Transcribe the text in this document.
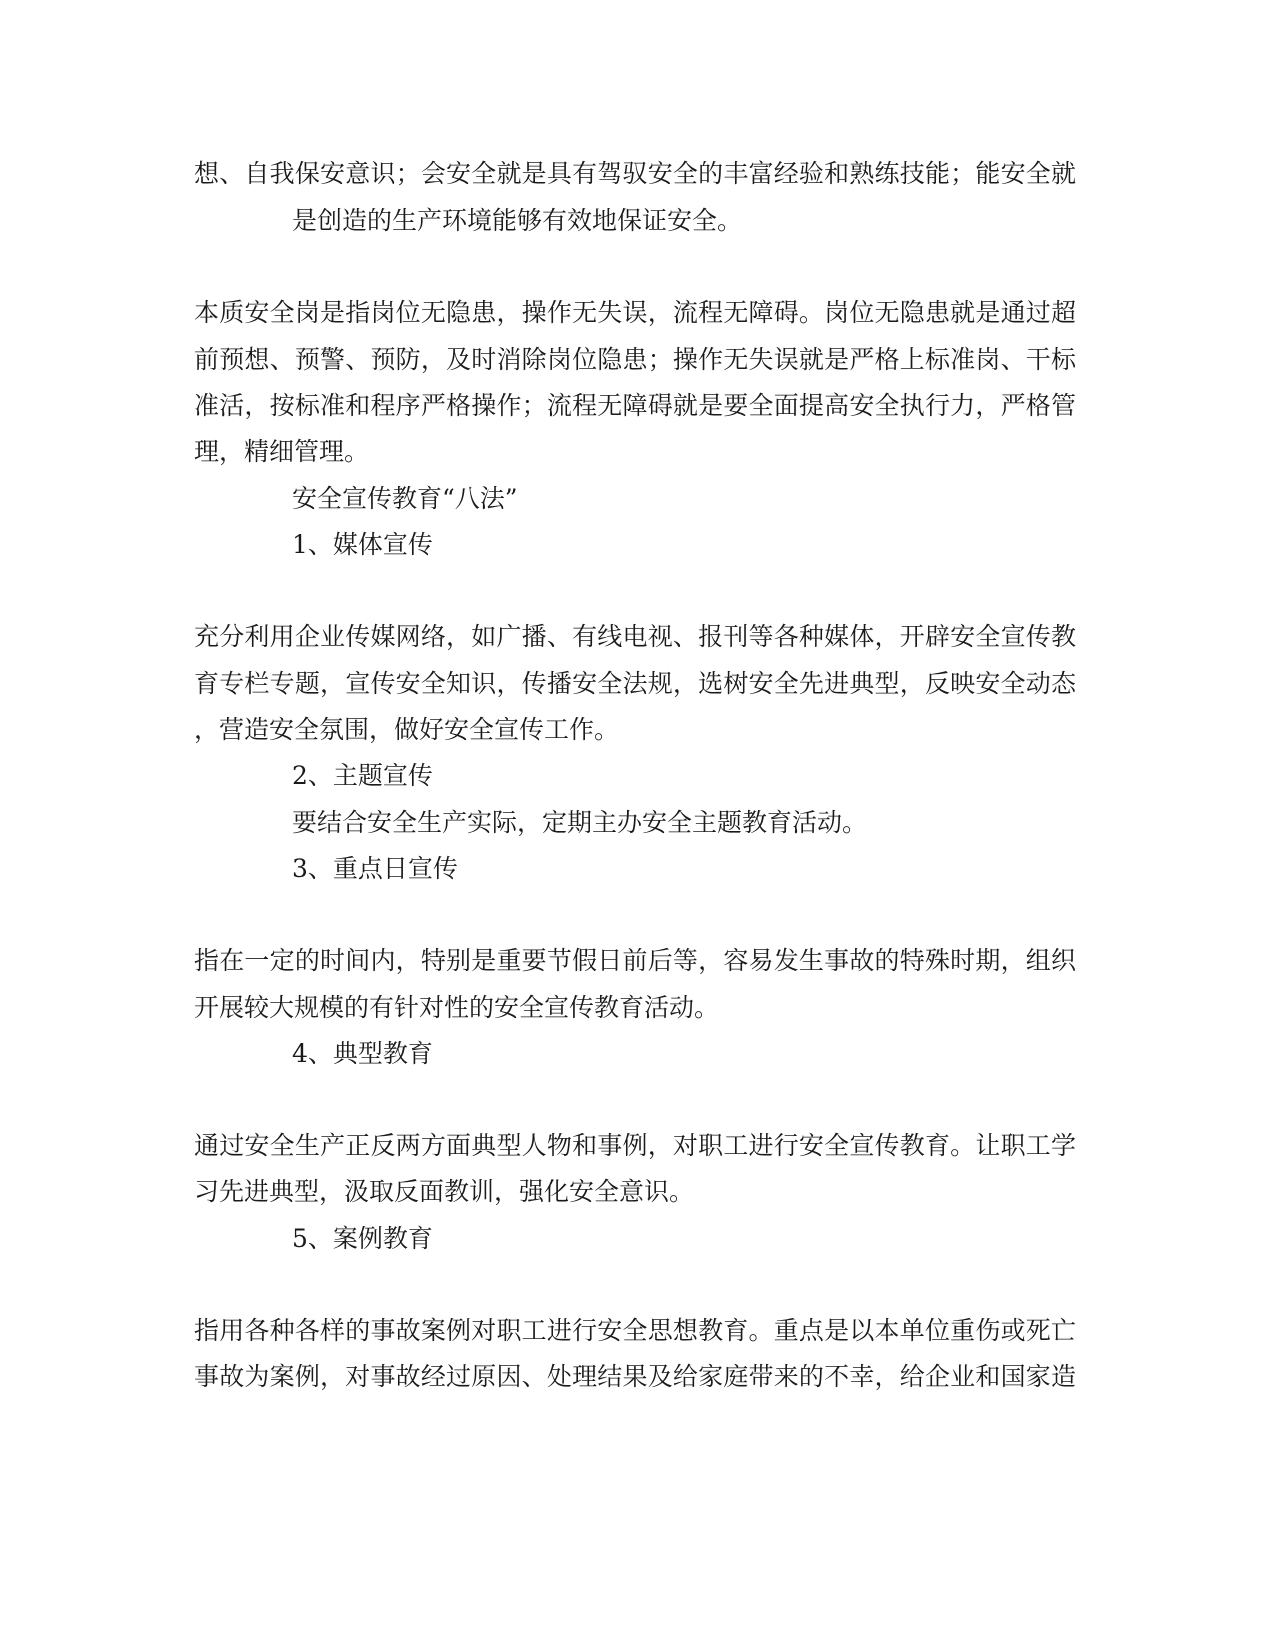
想、自我保安意识；会安全就是具有驾驭安全的丰富经验和熟练技能；能安全就
是创造的生产环境能够有效地保证安全。
本质安全岗是指岗位无隐患，操作无失误，流程无障碍。岗位无隐患就是通过超
前预想、预警、预防，及时消除岗位隐患；操作无失误就是严格上标准岗、干标
准活，按标准和程序严格操作；流程无障碍就是要全面提高安全执行力，严格管
理，精细管理。
安全宣传教育“八法”
1、媒体宣传
充分利用企业传媒网络，如广播、有线电视、报刊等各种媒体，开辟安全宣传教
育专栏专题，宣传安全知识，传播安全法规，选树安全先进典型，反映安全动态
，营造安全氛围，做好安全宣传工作。
2、主题宣传
要结合安全生产实际，定期主办安全主题教育活动。
3、重点日宣传
指在一定的时间内，特别是重要节假日前后等，容易发生事故的特殊时期，组织
开展较大规模的有针对性的安全宣传教育活动。
4、典型教育
通过安全生产正反两方面典型人物和事例，对职工进行安全宣传教育。让职工学
习先进典型，汲取反面教训，强化安全意识。
5、案例教育
指用各种各样的事故案例对职工进行安全思想教育。重点是以本单位重伤或死亡
事故为案例，对事故经过原因、处理结果及给家庭带来的不幸，给企业和国家造
